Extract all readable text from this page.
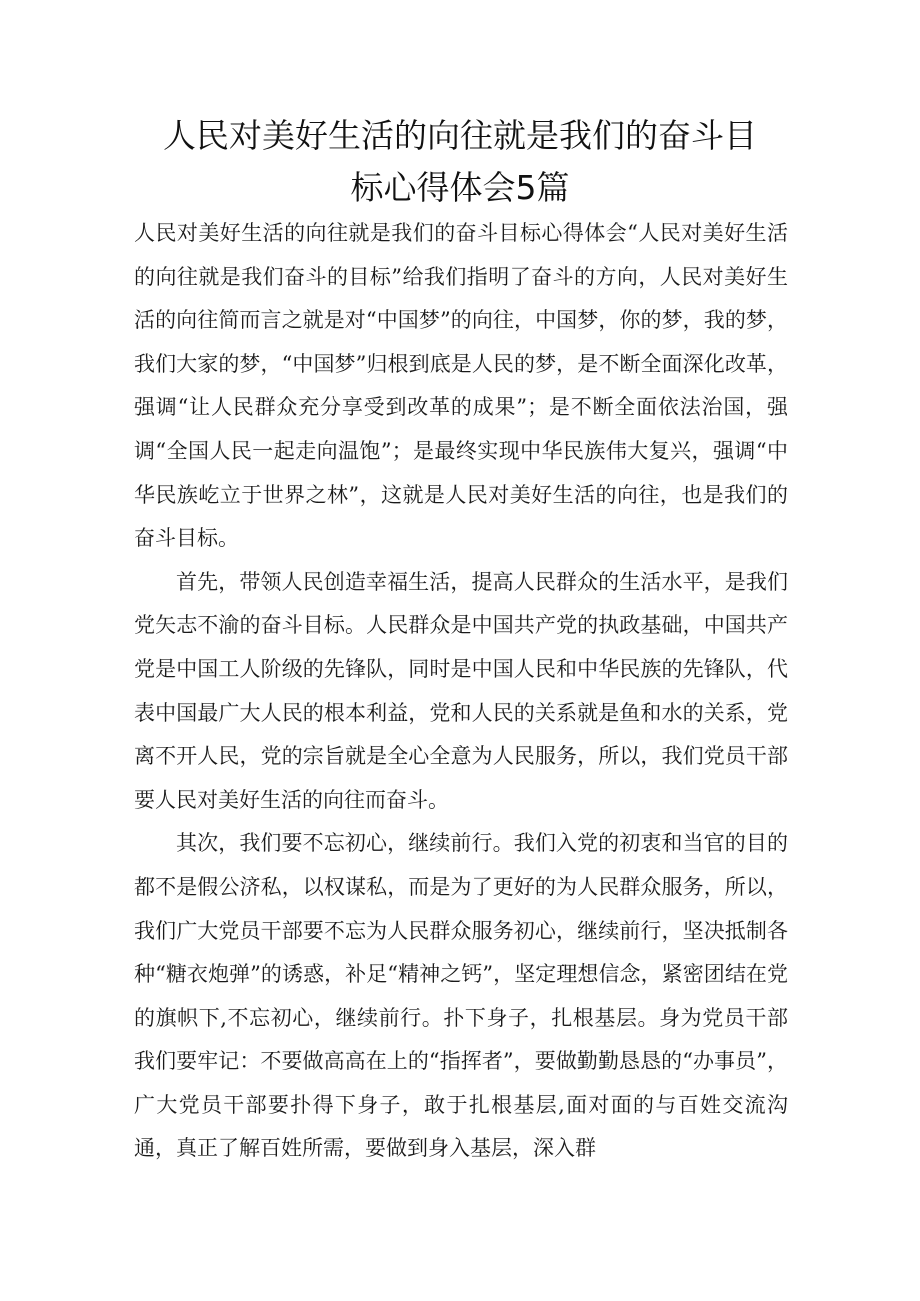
人民对美好生活的向往就是我们的奋斗目
标心得体会5篇

人民对美好生活的向往就是我们的奋斗目标心得体会“人民对美好生活的向往就是我们奋斗的目标”给我们指明了奋斗的方向，人民对美好生活的向往简而言之就是对“中国梦”的向往，中国梦，你的梦，我的梦，我们大家的梦，“中国梦”归根到底是人民的梦，是不断全面深化改革，强调“让人民群众充分享受到改革的成果”；是不断全面依法治国，强调“全国人民一起走向温饱”；是最终实现中华民族伟大复兴，强调“中华民族屹立于世界之林”，这就是人民对美好生活的向往，也是我们的奋斗目标。

首先，带领人民创造幸福生活，提高人民群众的生活水平，是我们党矢志不渝的奋斗目标。人民群众是中国共产党的执政基础，中国共产党是中国工人阶级的先锋队，同时是中国人民和中华民族的先锋队，代表中国最广大人民的根本利益，党和人民的关系就是鱼和水的关系，党离不开人民，党的宗旨就是全心全意为人民服务，所以，我们党员干部要人民对美好生活的向往而奋斗。

其次，我们要不忘初心，继续前行。我们入党的初衷和当官的目的都不是假公济私，以权谋私，而是为了更好的为人民群众服务，所以，我们广大党员干部要不忘为人民群众服务初心，继续前行，坚决抵制各种“糖衣炮弹”的诱惑，补足“精神之钙”，坚定理想信念，紧密团结在党的旗帜下,不忘初心，继续前行。扑下身子，扎根基层。身为党员干部我们要牢记：不要做高高在上的“指挥者”，要做勤勤恳恳的“办事员”，广大党员干部要扑得下身子，敢于扎根基层,面对面的与百姓交流沟通，真正了解百姓所需，要做到身入基层，深入群
